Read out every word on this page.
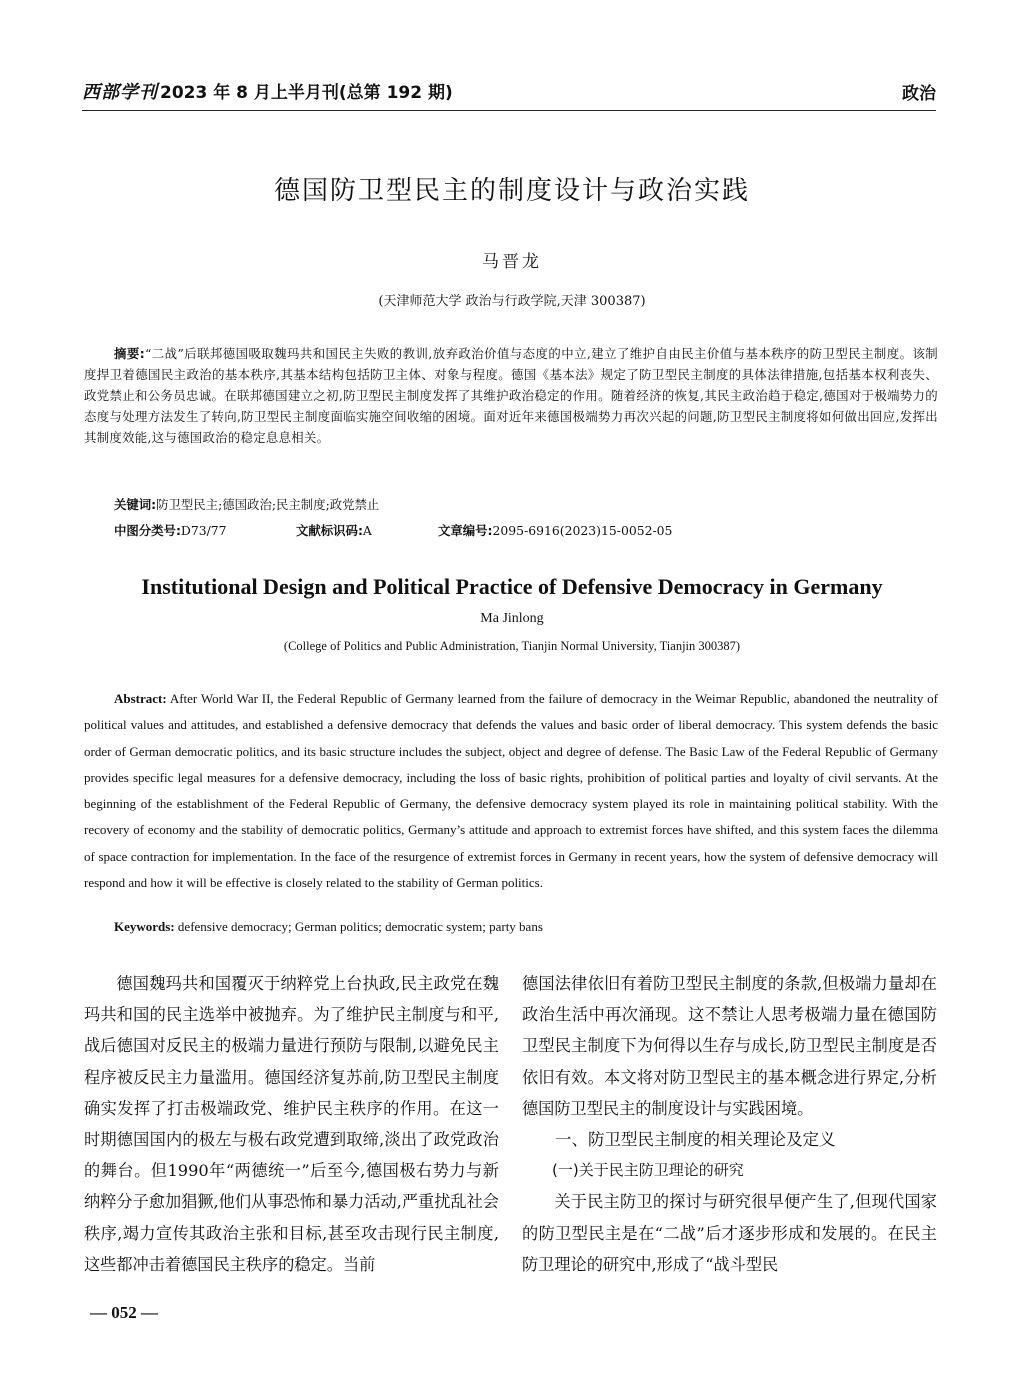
西部学刊 2023 年 8 月上半月刊(总第 192 期)	政治
德国防卫型民主的制度设计与政治实践
马晋龙
(天津师范大学 政治与行政学院,天津 300387)
摘要:“二战”后联邦德国吸取魏玛共和国民主失败的教训,放弃政治价值与态度的中立,建立了维护自由民主价值与基本秩序的防卫型民主制度。该制度捍卫着德国民主政治的基本秩序,其基本结构包括防卫主体、对象与程度。德国《基本法》规定了防卫型民主制度的具体法律措施,包括基本权利丧失、政党禁止和公务员忠诚。在联邦德国建立之初,防卫型民主制度发挥了其维护政治稳定的作用。随着经济的恢复,其民主政治趋于稳定,德国对于极端势力的态度与处理方法发生了转向,防卫型民主制度面临实施空间收缩的困境。面对近年来德国极端势力再次兴起的问题,防卫型民主制度将如何做出回应,发挥出其制度效能,这与德国政治的稳定息息相关。
关键词:防卫型民主;德国政治;民主制度;政党禁止
中图分类号:D73/77	文献标识码:A	文章编号:2095-6916(2023)15-0052-05
Institutional Design and Political Practice of Defensive Democracy in Germany
Ma Jinlong
(College of Politics and Public Administration, Tianjin Normal University, Tianjin 300387)
Abstract: After World War II, the Federal Republic of Germany learned from the failure of democracy in the Weimar Republic, abandoned the neutrality of political values and attitudes, and established a defensive democracy that defends the values and basic order of liberal democracy. This system defends the basic order of German democratic politics, and its basic structure includes the subject, object and degree of defense. The Basic Law of the Federal Republic of Germany provides specific legal measures for a defensive democracy, including the loss of basic rights, prohibition of political parties and loyalty of civil servants. At the beginning of the establishment of the Federal Republic of Germany, the defensive democracy system played its role in maintaining political stability. With the recovery of economy and the stability of democratic politics, Germany’s attitude and approach to extremist forces have shifted, and this system faces the dilemma of space contraction for implementation. In the face of the resurgence of extremist forces in Germany in recent years, how the system of defensive democracy will respond and how it will be effective is closely related to the stability of German politics.
Keywords: defensive democracy; German politics; democratic system; party bans

德国魏玛共和国覆灭于纳粹党上台执政,民主政党在魏玛共和国的民主选举中被抛弃。为了维护民主制度与和平,战后德国对反民主的极端力量进行预防与限制,以避免民主程序被反民主力量滥用。德国经济复苏前,防卫型民主制度确实发挥了打击极端政党、维护民主秩序的作用。在这一时期德国国内的极左与极右政党遭到取缔,淡出了政党政治的舞台。但1990年“两德统一”后至今,德国极右势力与新纳粹分子愈加猖獗,他们从事恐怖和暴力活动,严重扰乱社会秩序,竭力宣传其政治主张和目标,甚至攻击现行民主制度,这些都冲击着德国民主秩序的稳定。当前

德国法律依旧有着防卫型民主制度的条款,但极端力量却在政治生活中再次涌现。这不禁让人思考极端力量在德国防卫型民主制度下为何得以生存与成长,防卫型民主制度是否依旧有效。本文将对防卫型民主的基本概念进行界定,分析德国防卫型民主的制度设计与实践困境。

一、防卫型民主制度的相关理论及定义
(一)关于民主防卫理论的研究

关于民主防卫的探讨与研究很早便产生了,但现代国家的防卫型民主是在“二战”后才逐步形成和发展的。在民主防卫理论的研究中,形成了“战斗型民

— 052 —
